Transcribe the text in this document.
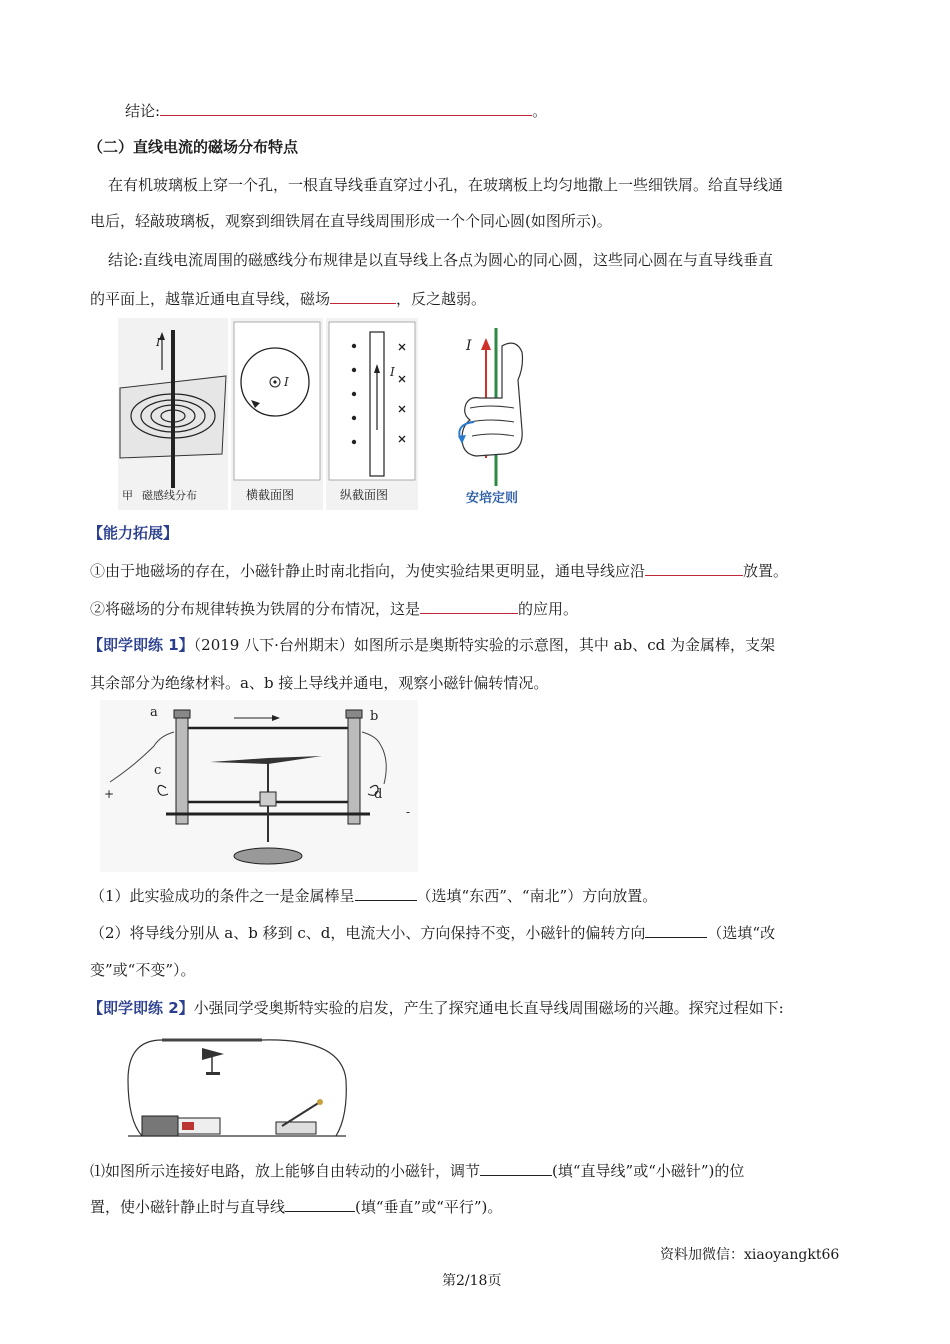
结论:	。
（二）直线电流的磁场分布特点
在有机玻璃板上穿一个孔，一根直导线垂直穿过小孔，在玻璃板上均匀地撒上一些细铁屑。给直导线通
电后，轻敲玻璃板，观察到细铁屑在直导线周围形成一个个同心圆(如图所示)。
结论:直线电流周围的磁感线分布规律是以直导线上各点为圆心的同心圆，这些同心圆在与直导线垂直
的平面上，越靠近通电直导线，磁场	，反之越弱。
I
甲 磁感线分布
I
横截面图
I
纵截面图
I
安培定则
【能力拓展】
①由于地磁场的存在，小磁针静止时南北指向，为使实验结果更明显，通电导线应沿	放置。
②将磁场的分布规律转换为铁屑的分布情况，这是	的应用。
【即学即练 1】（2019 八下·台州期末）如图所示是奥斯特实验的示意图，其中 ab、cd 为金属棒，支架
其余部分为绝缘材料。a、b 接上导线并通电，观察小磁针偏转情况。
a	b
c
d
+
-
（1）此实验成功的条件之一是金属棒呈	（选填“东西”、“南北”）方向放置。
（2）将导线分别从 a、b 移到 c、d，电流大小、方向保持不变，小磁针的偏转方向	（选填“改
变”或“不变”）。
【即学即练 2】小强同学受奥斯特实验的启发，产生了探究通电长直导线周围磁场的兴趣。探究过程如下:
⑴如图所示连接好电路，放上能够自由转动的小磁针，调节	(填“直导线”或“小磁针”)的位
置，使小磁针静止时与直导线	(填“垂直”或“平行”)。
资料加微信：xiaoyangkt66
第2/18页
